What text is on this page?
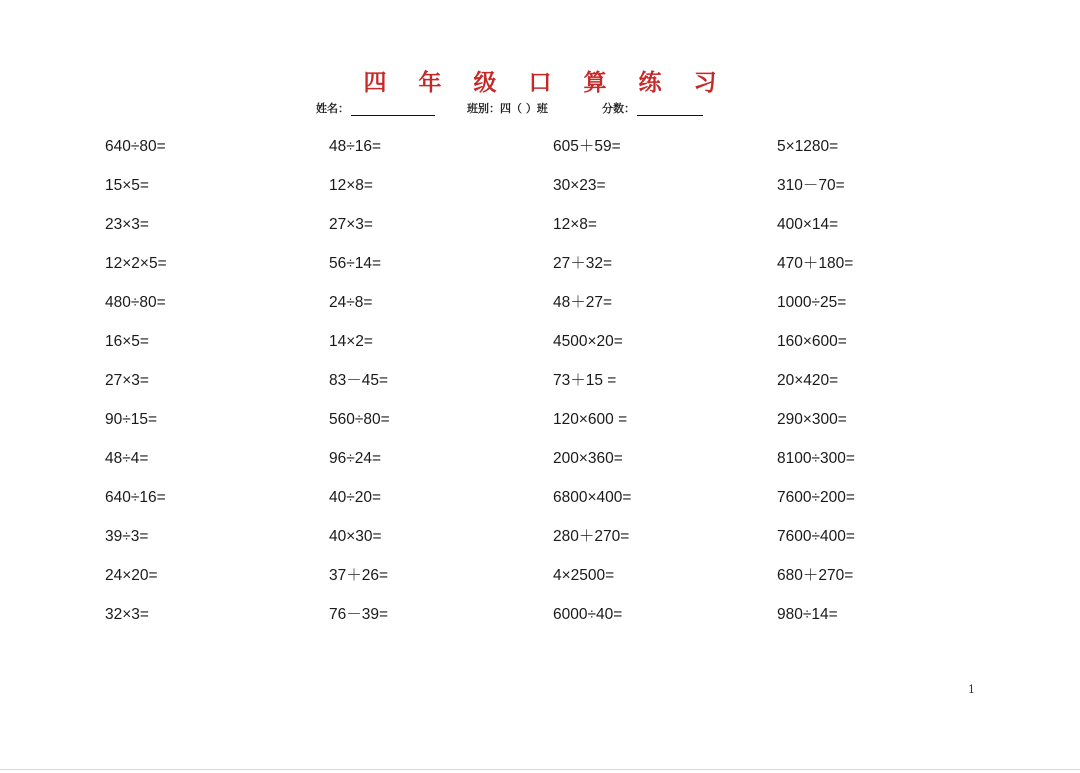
四 年 级 口 算 练 习
姓名：	班别：四（ ）班	分数：
640÷80=	48÷16=	605＋59=	5×1280=
15×5=	12×8=	30×23=	310－70=
23×3=	27×3=	12×8=	400×14=
12×2×5=	56÷14=	27＋32=	470＋180=
480÷80=	24÷8=	48＋27=	1000÷25=
16×5=	14×2=	4500×20=	160×600=
27×3=	83－45=	73＋15 =	20×420=
90÷15=	560÷80=	120×600 =	290×300=
48÷4=	96÷24=	200×360=	8100÷300=
640÷16=	40÷20=	6800×400=	7600÷200=
39÷3=	40×30=	280＋270=	7600÷400=
24×20=	37＋26=	4×2500=	680＋270=
32×3=	76－39=	6000÷40=	980÷14=
1
